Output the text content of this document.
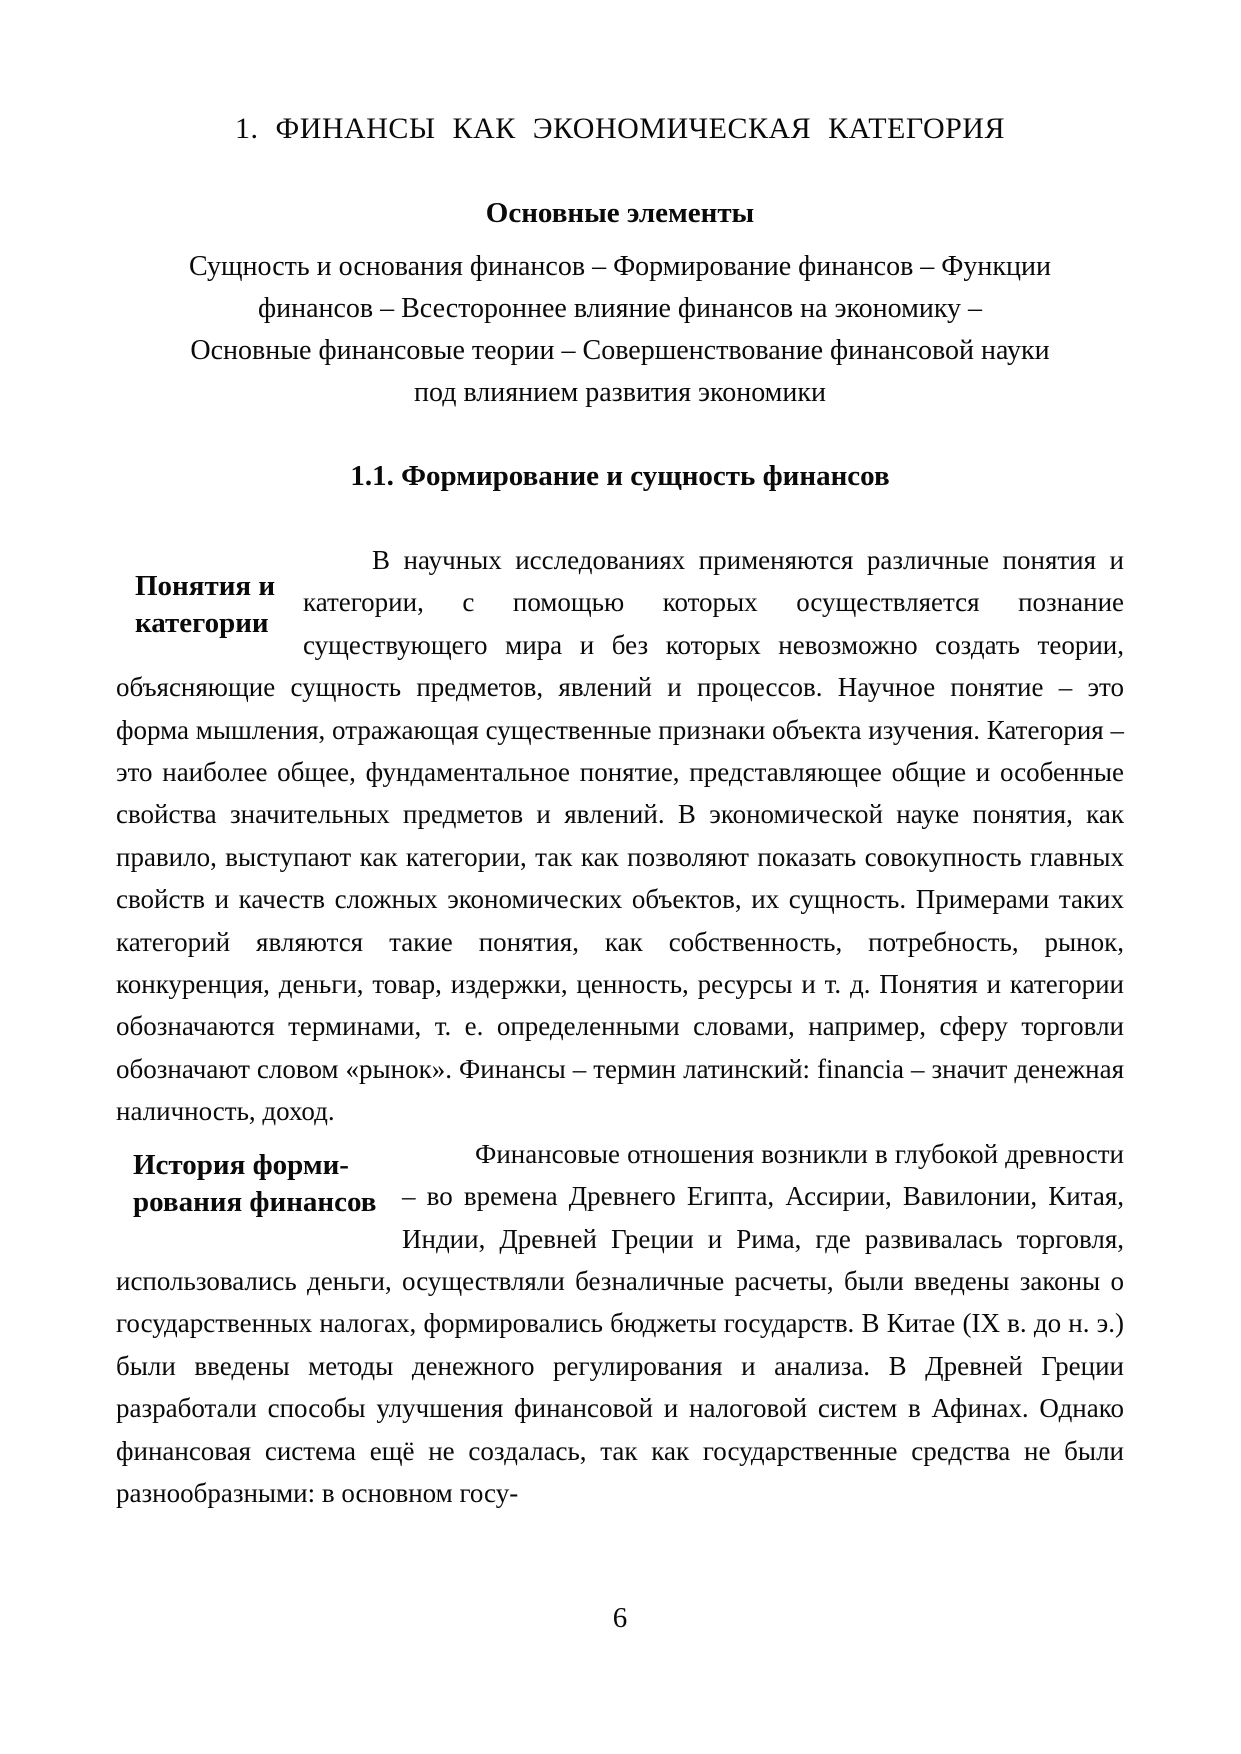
1. ФИНАНСЫ КАК ЭКОНОМИЧЕСКАЯ КАТЕГОРИЯ
Основные элементы
Сущность и основания финансов – Формирование финансов – Функции
финансов – Всестороннее влияние финансов на экономику –
Основные финансовые теории – Совершенствование финансовой науки
под влиянием развития экономики
1.1. Формирование и сущность финансов

Понятия и
категории
В научных исследованиях применяются различные понятия и категории, с помощью которых осуществляется познание существующего мира и без которых невозможно создать теории, объясняющие сущность предметов, явлений и процессов. Научное понятие – это форма мышления, отражающая существенные признаки объекта изучения. Категория – это наиболее общее, фундаментальное понятие, представляющее общие и особенные свойства значительных предметов и явлений. В экономической науке понятия, как правило, выступают как категории, так как позволяют показать совокупность главных свойств и качеств сложных экономических объектов, их сущность. Примерами таких категорий являются такие понятия, как собственность, потребность, рынок, конкуренция, деньги, товар, издержки, ценность, ресурсы и т. д. Понятия и категории обозначаются терминами, т. е. определенными словами, например, сферу торговли обозначают словом «рынок». Финансы – термин латинский: financia – значит денежная наличность, доход.

История форми-
рования финансов
Финансовые отношения возникли в глубокой древности – во времена Древнего Египта, Ассирии, Вавилонии, Китая, Индии, Древней Греции и Рима, где развивалась торговля, использовались деньги, осуществляли безналичные расчеты, были введены законы о государственных налогах, формировались бюджеты государств. В Китае (IX в. до н. э.) были введены методы денежного регулирования и анализа. В Древней Греции разработали способы улучшения финансовой и налоговой систем в Афинах. Однако финансовая система ещё не создалась, так как государственные средства не были разнообразными: в основном госу-

6
